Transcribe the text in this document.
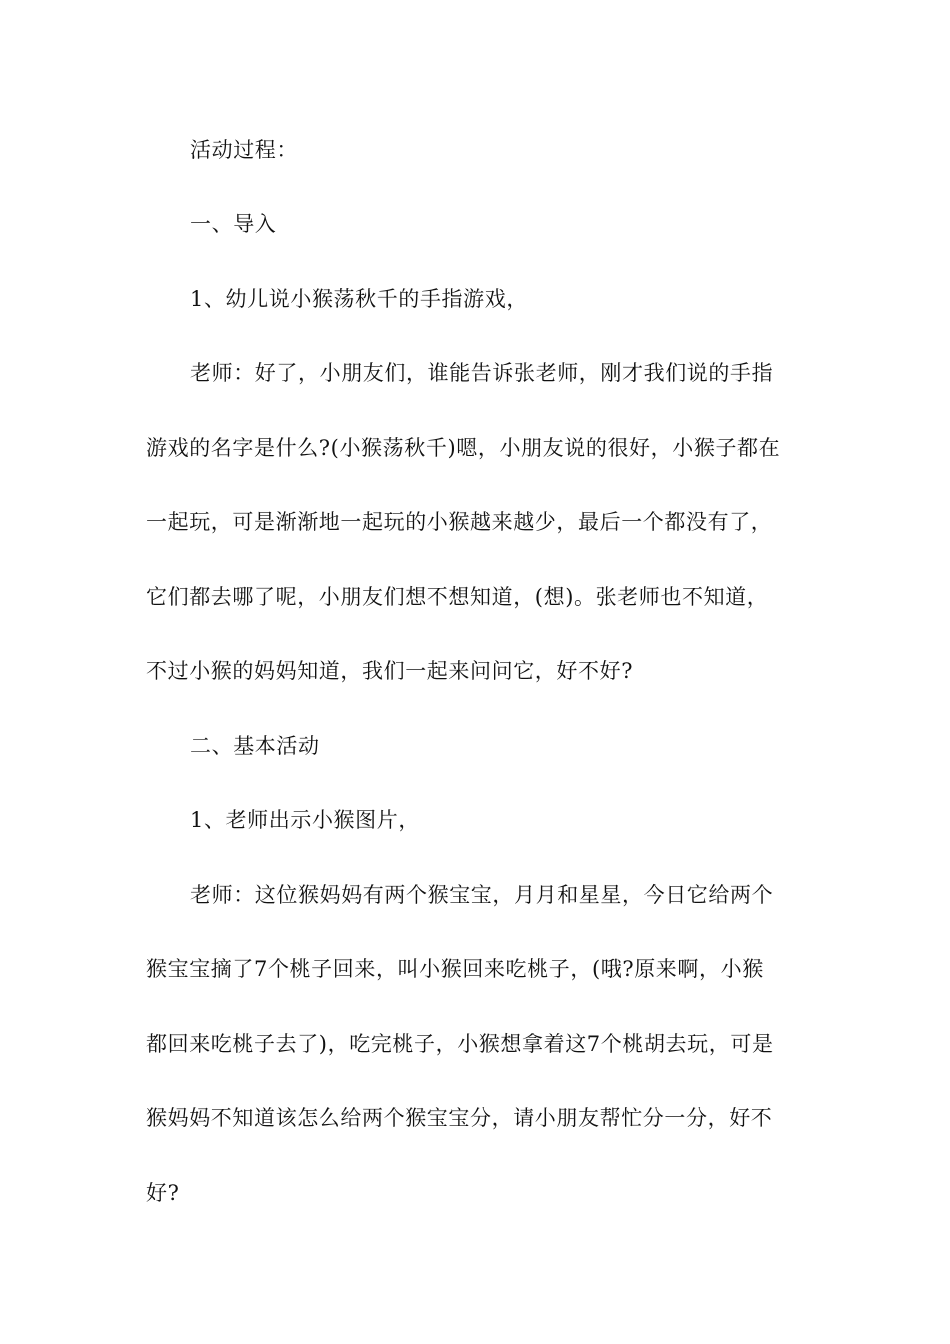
活动过程：
一、导入
1、幼儿说小猴荡秋千的手指游戏，
老师：好了，小朋友们，谁能告诉张老师，刚才我们说的手指
游戏的名字是什么?(小猴荡秋千)嗯，小朋友说的很好，小猴子都在
一起玩，可是渐渐地一起玩的小猴越来越少，最后一个都没有了，
它们都去哪了呢，小朋友们想不想知道，(想)。张老师也不知道，
不过小猴的妈妈知道，我们一起来问问它，好不好?
二、基本活动
1、老师出示小猴图片，
老师：这位猴妈妈有两个猴宝宝，月月和星星，今日它给两个
猴宝宝摘了7个桃子回来，叫小猴回来吃桃子，(哦?原来啊，小猴
都回来吃桃子去了)，吃完桃子，小猴想拿着这7个桃胡去玩，可是
猴妈妈不知道该怎么给两个猴宝宝分，请小朋友帮忙分一分，好不
好?
